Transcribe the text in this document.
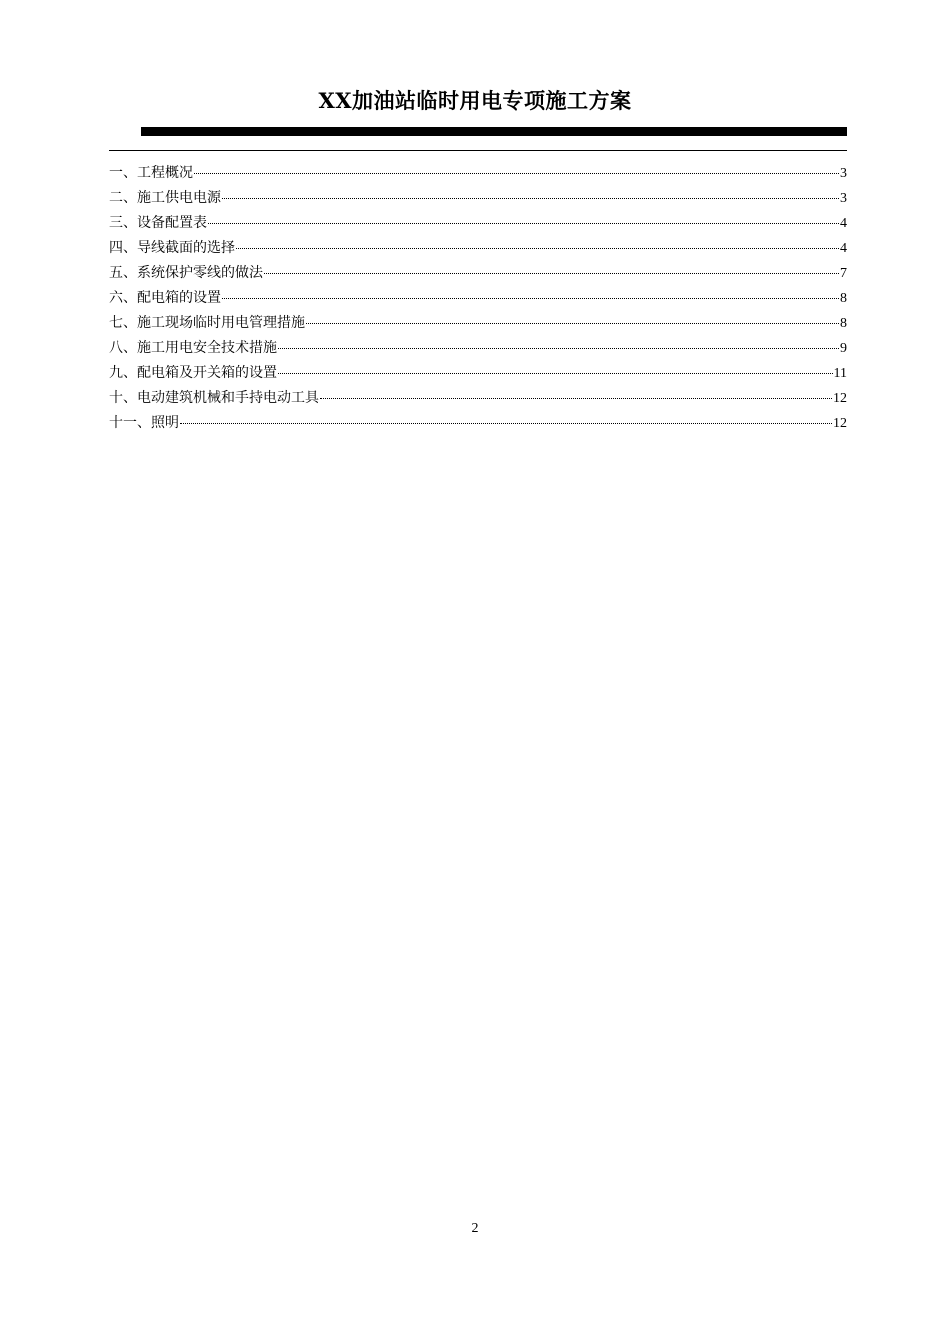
XX加油站临时用电专项施工方案
一、工程概况	3
二、施工供电电源	3
三、设备配置表	4
四、导线截面的选择	4
五、系统保护零线的做法	7
六、配电箱的设置	8
七、施工现场临时用电管理措施	8
八、施工用电安全技术措施	9
九、配电箱及开关箱的设置	11
十、电动建筑机械和手持电动工具	12
十一、照明	12
2
